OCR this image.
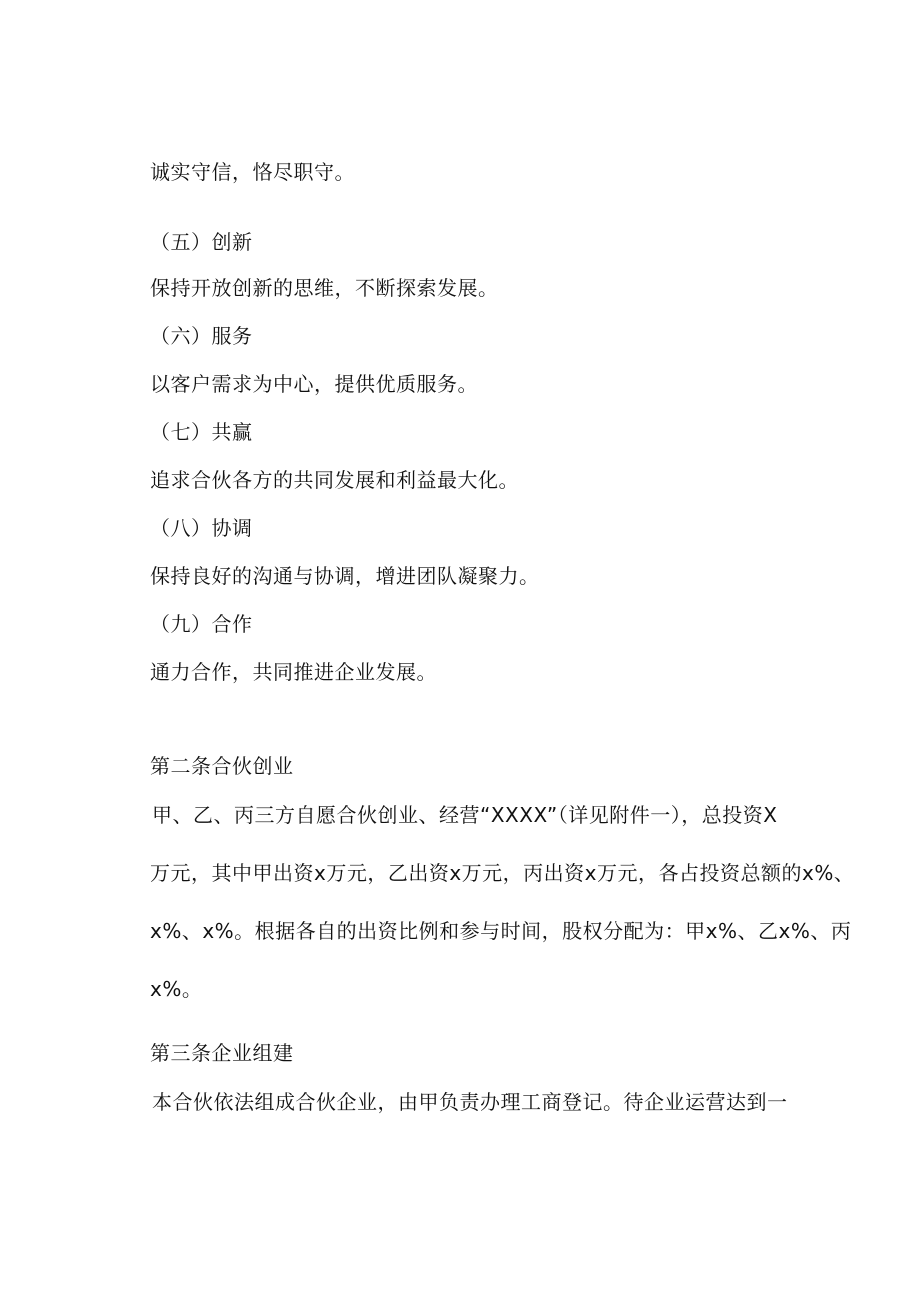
诚实守信，恪尽职守。
（五）创新
保持开放创新的思维，不断探索发展。
（六）服务
以客户需求为中心，提供优质服务。
（七）共赢
追求合伙各方的共同发展和利益最大化。
（八）协调
保持良好的沟通与协调，增进团队凝聚力。
（九）合作
通力合作，共同推进企业发展。
第二条合伙创业
甲、乙、丙三方自愿合伙创业、经营“XXXX”（详见附件一），总投资X
万元，其中甲出资x万元，乙出资x万元，丙出资x万元，各占投资总额的x%、
x%、x%。根据各自的出资比例和参与时间，股权分配为：甲x%、乙x%、丙
x%。
第三条企业组建
本合伙依法组成合伙企业，由甲负责办理工商登记。待企业运营达到一
